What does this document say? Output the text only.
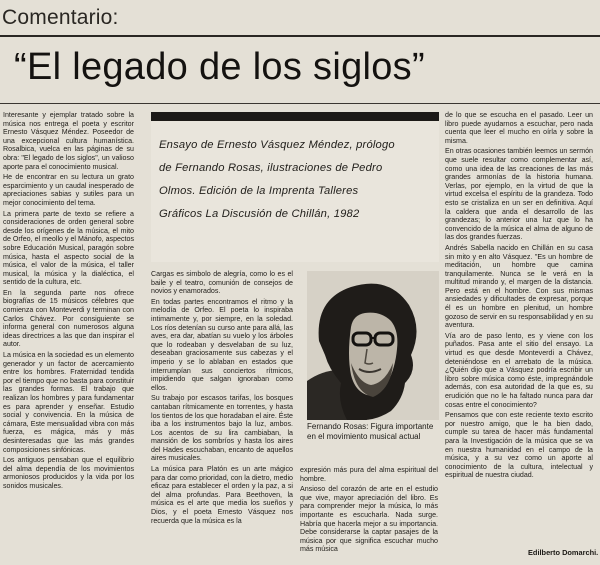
Comentario:
“El legado de los siglos”

Interesante y ejemplar tratado sobre la música nos entrega el poeta y escritor Ernesto Vásquez Méndez. Poseedor de una excepcional cultura humanística. Rosalbica, vuelca en las páginas de su obra: "El legado de los siglos", un valioso aporte para el conocimiento musical.

He de encontrar en su lectura un grato esparcimiento y un caudal inesperado de apreciaciones sabias y sutiles para un mejor conocimiento del tema.

La primera parte de texto se refiere a consideraciones de orden general sobre desde los orígenes de la música, el mito de Orfeo, el meollo y el Mánofo, aspectos sobre Educación Musical, paragón sobre música, hasta el aspecto social de la música, el valor de la música, el taller musical, la música y la dialéctica, el sentido de la cultura, etc.

En la segunda parte nos ofrece biografías de 15 músicos célebres que comienza con Monteverdi y terminan con Carlos Chávez. Por consiguiente se informa general con numerosos alguna ideas directrices a las que dan inspirar el autor.

La música en la sociedad es un elemento generador y un factor de acercamiento entre los hombres. Fraternidad tendida por el tiempo que no basta para constituir las grandes formas. El trabajo que realizan los hombres y para fundamentar es para aprender y enseñar. Estudio social y convivencia. En la música de cámara, Este mensualidad vibra con más fuerza, es mágica, más y más desinteresadas que las más grandes composiciones sinfónicas.

Los antiguos pensaban que el equilibrio del alma dependía de los movimientos armoniosos producidos y la vida por los sonidos musicales.

Ensayo de Ernesto Vásquez Méndez, prólogo
de Fernando Rosas, ilustraciones de Pedro
Olmos. Edición de la Imprenta Talleres
Gráficos La Discusión de Chillán, 1982

Cargas es simbolo de alegría, como lo es el baile y el teatro, comunión de consejos de novios y enamorados.

En todas partes encontramos el ritmo y la melodía de Orfeo. El poeta lo inspiraba intimamente y, por siempre, en la soledad. Los ríos detenían su curso ante para allá, las aves, era dar, abatían su vuelo y los árboles que lo rodeaban y desvelaban de su luz, deseaban graciosamente sus cabezas y el imperio y se lo ablaban en estados que interrumpían sus conciertos rítmicos, impidiendo que salgan ignoraban como ellos.

Su trabajo por escasos tarifas, los bosques cantaban rítmicamente en torrentes, y hasta los tientos de los que horadaban el aire. Éste iba a los instrumentos bajo la luz, ambos. Los acentos de su lira cambiaban, la mansión de los sombríos y hasta los aires del Hades escuchaban, encanto de aquellos aires musicales.

La música para Platón es un arte mágico para dar como prioridad, con la dietro, medio eficaz para establecer el orden y la paz, a si del alma profundas. Para Beethoven, la música es el arte que media los sueños y Dios, y el poeta Ernesto Vásquez nos recuerda que la música es la

Fernando Rosas: Figura importante en el movimiento musical actual

expresión más pura del alma espiritual del hombre.

Ansioso del corazón de arte en el estudio que vive, mayor apreciación del libro. Es para comprender mejor la música, lo más importante es escucharla. Nada surge. Habría que hacerla mejor a su importancia. Debe considerarse la captar pasajes de la música por que significa escuchar mucho más música

de lo que se escucha en el pasado. Leer un libro puede ayudarnos a escuchar, pero nada cuenta que leer el mucho en oírla y sobre la misma.

En otras ocasiones también leemos un sermón que suele resultar como complementar así, como una idea de las creaciones de las más grandes armonías de la historia humana. Verlas, por ejemplo, en la virtud de que la virtud excelsa el espíritu de la grandeza. Todo esto se cristaliza en un ser en definitiva. Aquí la caldera que anda el desarrollo de las grandezas; lo anterior una luz que lo ha convencido de la música el alma de alguno de las dos grandes fuerzas.

Andrés Sabella nacido en Chillán en su casa sin mito y en alto Vásquez. "Es un hombre de meditación, un hombre que camina tranquilamente. Nunca se le verá en la multitud mirando y, el margen de la distancia. Pero está en el hombre. Con sus mismas ansiedades y dificultades de expresar, porque él es un hombre en plenitud, un hombre gozoso de servir en su responsabilidad y en su aventura.

Vía aro de paso lento, es y viene con los puñados. Pasa ante el sitio del ensayo. La virtud es que desde Monteverdi a Chávez, deteniéndose en el arrebato de la música. ¿Quién dijo que a Vásquez podría escribir un libro sobre música como éste, impregnándole además, con esa autoridad de la que es, su erudición que no le ha faltado nunca para dar cosas entre el conocimiento?

Pensamos que con este reciente texto escrito por nuestro amigo, que le ha bien dado, cumple su tarea de hacer más fundamental para la Investigación de la música que se va en nuestra humanidad en el campo de la música, y a su vez como un aporte al conocimiento de la cultura, intelectual y espiritual de nuestra ciudad.

Edilberto Domarchi.
